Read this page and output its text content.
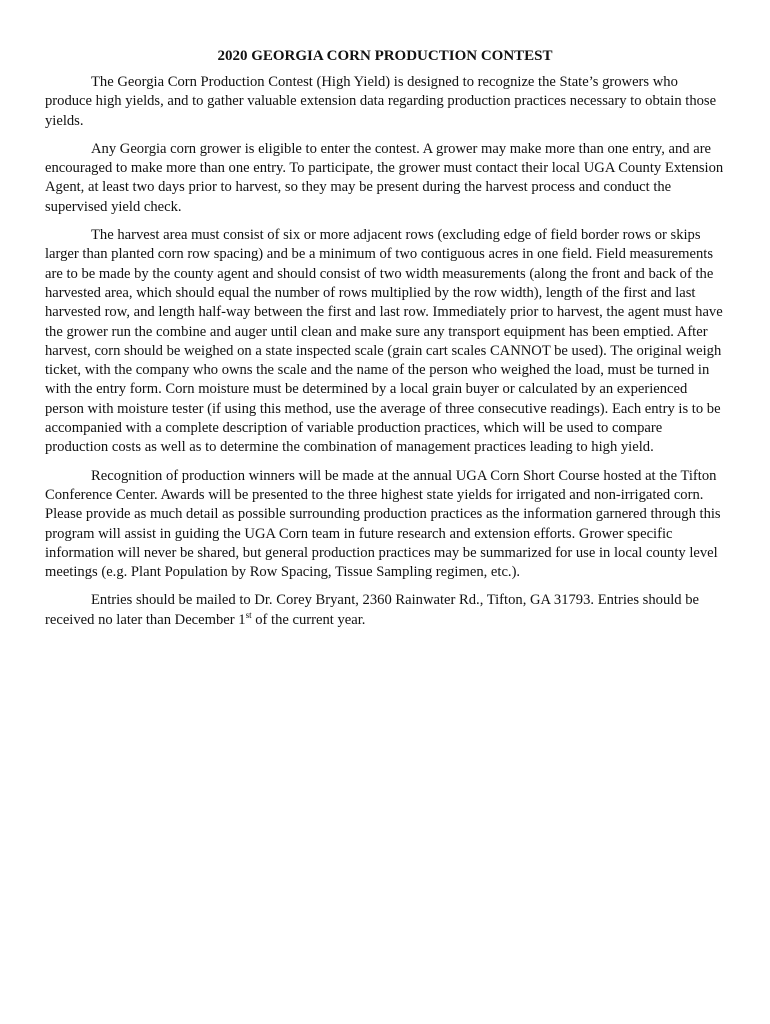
2020 GEORGIA CORN PRODUCTION CONTEST

The Georgia Corn Production Contest (High Yield) is designed to recognize the State’s growers who produce high yields, and to gather valuable extension data regarding production practices necessary to obtain those yields.

Any Georgia corn grower is eligible to enter the contest. A grower may make more than one entry, and are encouraged to make more than one entry. To participate, the grower must contact their local UGA County Extension Agent, at least two days prior to harvest, so they may be present during the harvest process and conduct the supervised yield check.

The harvest area must consist of six or more adjacent rows (excluding edge of field border rows or skips larger than planted corn row spacing) and be a minimum of two contiguous acres in one field. Field measurements are to be made by the county agent and should consist of two width measurements (along the front and back of the harvested area, which should equal the number of rows multiplied by the row width), length of the first and last harvested row, and length half-way between the first and last row. Immediately prior to harvest, the agent must have the grower run the combine and auger until clean and make sure any transport equipment has been emptied. After harvest, corn should be weighed on a state inspected scale (grain cart scales CANNOT be used). The original weigh ticket, with the company who owns the scale and the name of the person who weighed the load, must be turned in with the entry form. Corn moisture must be determined by a local grain buyer or calculated by an experienced person with moisture tester (if using this method, use the average of three consecutive readings). Each entry is to be accompanied with a complete description of variable production practices, which will be used to compare production costs as well as to determine the combination of management practices leading to high yield.

Recognition of production winners will be made at the annual UGA Corn Short Course hosted at the Tifton Conference Center. Awards will be presented to the three highest state yields for irrigated and non-irrigated corn. Please provide as much detail as possible surrounding production practices as the information garnered through this program will assist in guiding the UGA Corn team in future research and extension efforts. Grower specific information will never be shared, but general production practices may be summarized for use in local county level meetings (e.g. Plant Population by Row Spacing, Tissue Sampling regimen, etc.).

Entries should be mailed to Dr. Corey Bryant, 2360 Rainwater Rd., Tifton, GA 31793. Entries should be received no later than December 1st of the current year.
